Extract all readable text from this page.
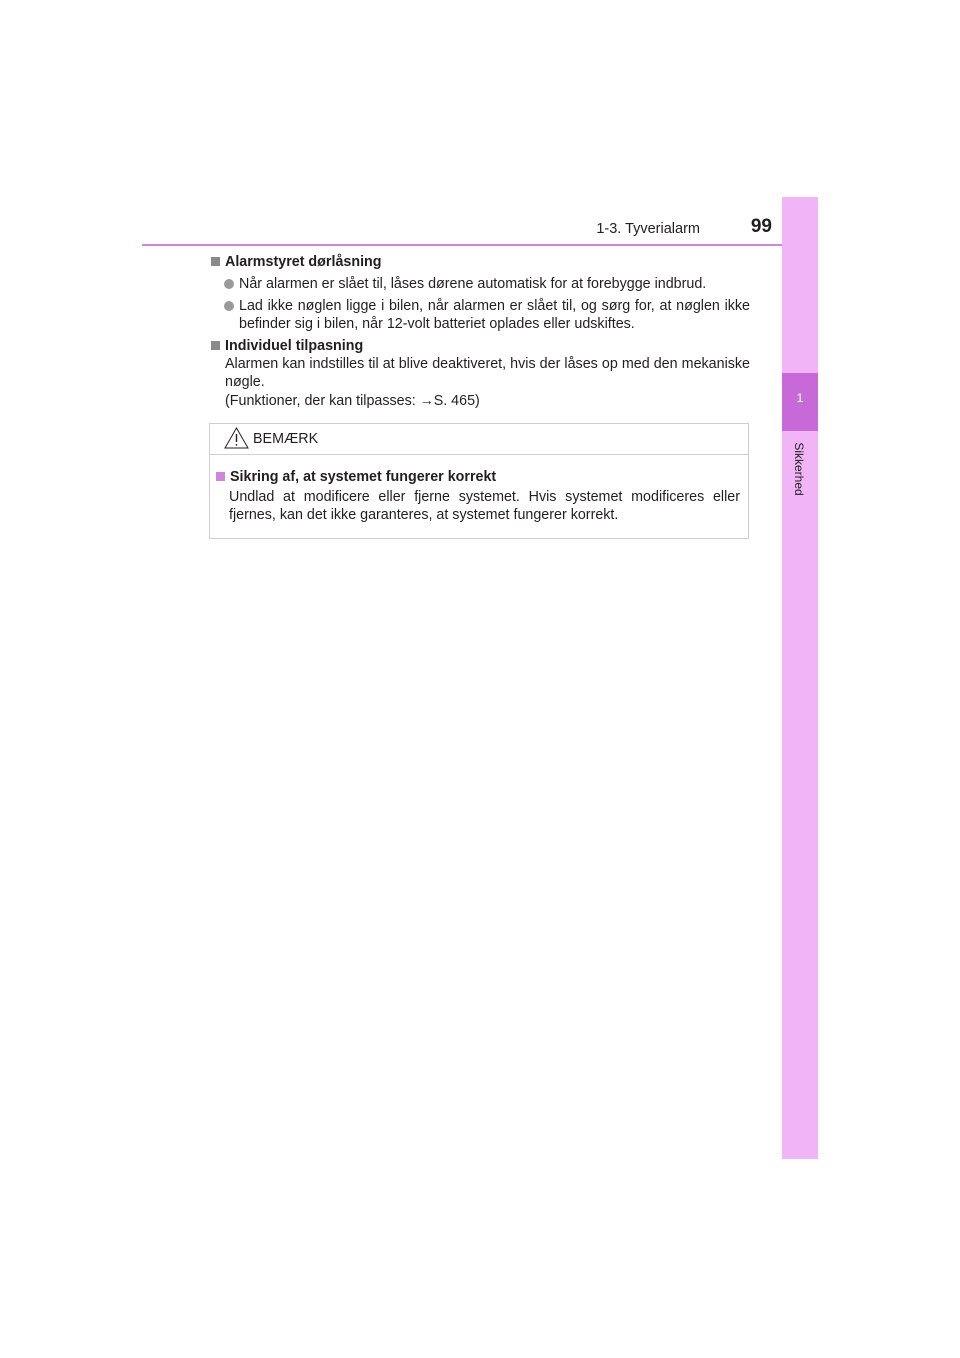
1-3. Tyverialarm	99
1
Sikkerhed
Alarmstyret dørlåsning
Når alarmen er slået til, låses dørene automatisk for at forebygge indbrud.
Lad ikke nøglen ligge i bilen, når alarmen er slået til, og sørg for, at nøglen ikke befinder sig i bilen, når 12-volt batteriet oplades eller udskiftes.
Individuel tilpasning
Alarmen kan indstilles til at blive deaktiveret, hvis der låses op med den mekaniske nøgle.
(Funktioner, der kan tilpasses: →S. 465)
BEMÆRK
Sikring af, at systemet fungerer korrekt
Undlad at modificere eller fjerne systemet. Hvis systemet modificeres eller fjernes, kan det ikke garanteres, at systemet fungerer korrekt.
